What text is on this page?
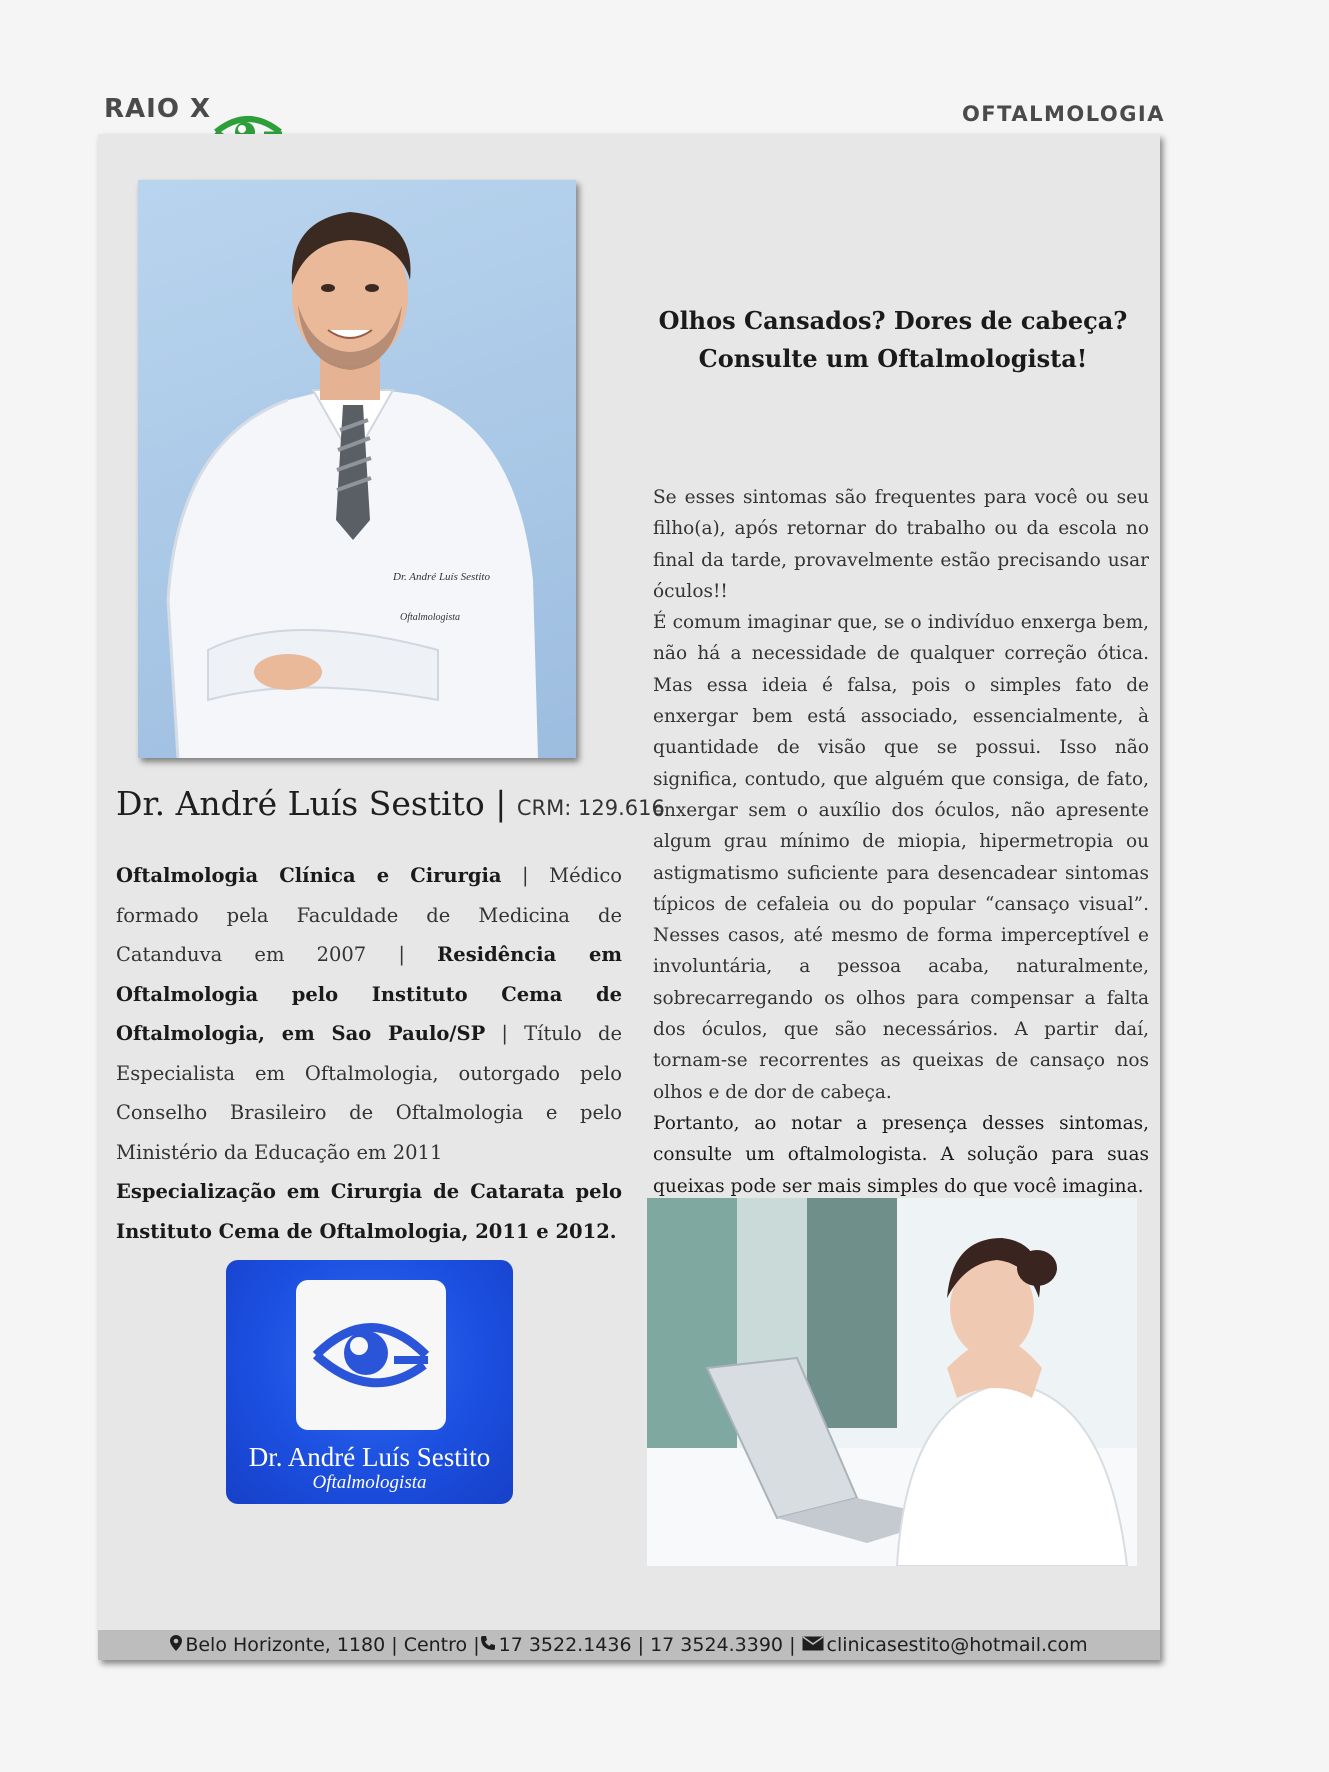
RAIO X	OFTALMOLOGIA
Dr. André Luís Sestito
Oftalmologista
Dr. André Luís Sestito | CRM: 129.616
Oftalmologia Clínica e Cirurgia | Médico formado pela Faculdade de Medicina de Catanduva em 2007 | Residência em Oftalmologia pelo Instituto Cema de Oftalmologia, em Sao Paulo/SP | Título de Especialista em Oftalmologia, outorgado pelo Conselho Brasileiro de Oftalmologia e pelo Ministério da Educação em 2011
Especialização em Cirurgia de Catarata pelo Instituto Cema de Oftalmologia, 2011 e 2012.
Olhos Cansados? Dores de cabeça?
Consulte um Oftalmologista!

Se esses sintomas são frequentes para você ou seu filho(a), após retornar do trabalho ou da escola no final da tarde, provavelmente estão precisando usar óculos!!

É comum imaginar que, se o indivíduo enxerga bem, não há a necessidade de qualquer correção ótica. Mas essa ideia é falsa, pois o simples fato de enxergar bem está associado, essencialmente, à quantidade de visão que se possui. Isso não significa, contudo, que alguém que consiga, de fato, enxergar sem o auxílio dos óculos, não apresente algum grau mínimo de miopia, hipermetropia ou astigmatismo suficiente para desencadear sintomas típicos de cefaleia ou do popular “cansaço visual”. Nesses casos, até mesmo de forma imperceptível e involuntária, a pessoa acaba, naturalmente, sobrecarregando os olhos para compensar a falta dos óculos, que são necessários. A partir daí, tornam-se recorrentes as queixas de cansaço nos olhos e de dor de cabeça.

Portanto, ao notar a presença desses sintomas, consulte um oftalmologista. A solução para suas queixas pode ser mais simples do que você imagina.

Dr. André Luís Sestito
Oftalmologista
Belo Horizonte, 1180 | Centro | 17 3522.1436 | 17 3524.3390 | clinicasestito@hotmail.com
